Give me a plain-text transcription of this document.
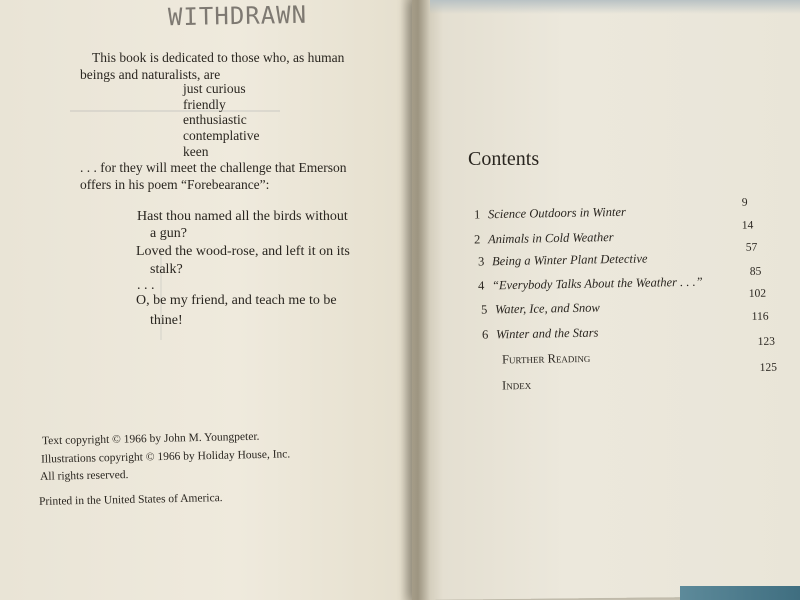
WITHDRAWN
This book is dedicated to those who, as human
beings and naturalists, are
just curious
friendly
enthusiastic
contemplative
keen
. . . for they will meet the challenge that Emerson
offers in his poem “Forebearance”:
Hast thou named all the birds without
a gun?
Loved the wood-rose, and left it on its
stalk?
. . .
O, be my friend, and teach me to be
thine!
Text copyright © 1966 by John M. Youngpeter.
Illustrations copyright © 1966 by Holiday House, Inc.
All rights reserved.
Printed in the United States of America.
Contents
1 Science Outdoors in Winter
9
2 Animals in Cold Weather
14
3 Being a Winter Plant Detective
57
4 “Everybody Talks About the Weather . . .”
85
5 Water, Ice, and Snow
102
6 Winter and the Stars
116
Further Reading
123
Index
125
